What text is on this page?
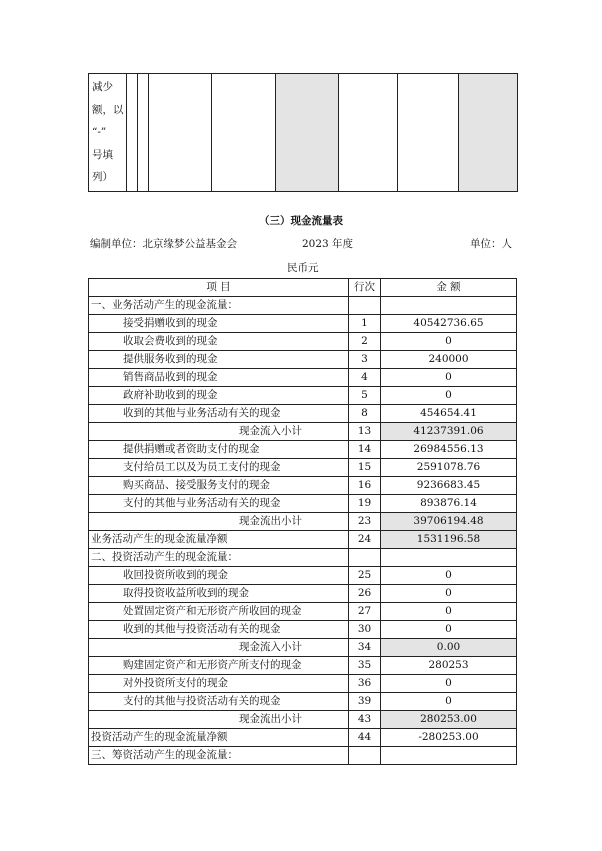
减少
额，以
“-”
号填
列）

（三）现金流量表
编制单位：北京缘梦公益基金会	2023 年度	单位：人
民币元
项 目	行次	金 额
一、业务活动产生的现金流量：		
接受捐赠收到的现金	1	40542736.65
收取会费收到的现金	2	0
提供服务收到的现金	3	240000
销售商品收到的现金	4	0
政府补助收到的现金	5	0
收到的其他与业务活动有关的现金	8	454654.41
现金流入小计	13	41237391.06
提供捐赠或者资助支付的现金	14	26984556.13
支付给员工以及为员工支付的现金	15	2591078.76
购买商品、接受服务支付的现金	16	9236683.45
支付的其他与业务活动有关的现金	19	893876.14
现金流出小计	23	39706194.48
业务活动产生的现金流量净额	24	1531196.58
二、投资活动产生的现金流量：		
收回投资所收到的现金	25	0
取得投资收益所收到的现金	26	0
处置固定资产和无形资产所收回的现金	27	0
收到的其他与投资活动有关的现金	30	0
现金流入小计	34	0.00
购建固定资产和无形资产所支付的现金	35	280253
对外投资所支付的现金	36	0
支付的其他与投资活动有关的现金	39	0
现金流出小计	43	280253.00
投资活动产生的现金流量净额	44	-280253.00
三、筹资活动产生的现金流量：		
